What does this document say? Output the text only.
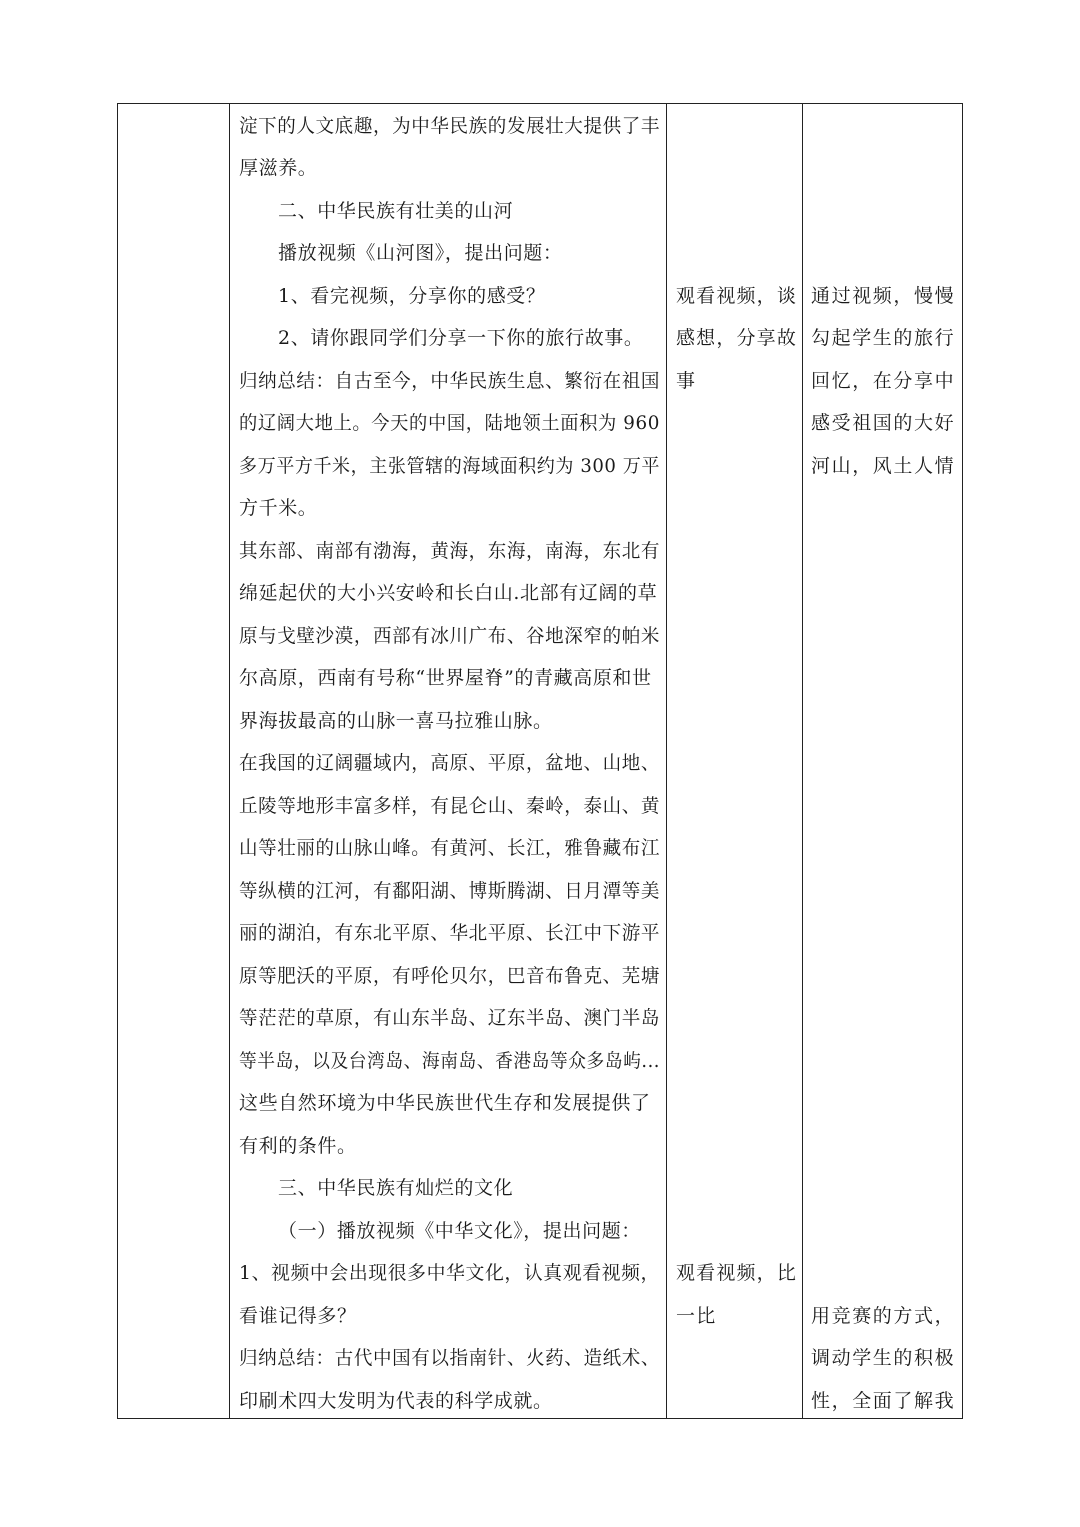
淀下的人文底趣，为中华民族的发展壮大提供了丰
厚滋养。
二、中华民族有壮美的山河
播放视频《山河图》，提出问题：
1、看完视频，分享你的感受？
2、请你跟同学们分享一下你的旅行故事。
归纳总结：自古至今，中华民族生息、繁衍在祖国
的辽阔大地上。今天的中国，陆地领土面积为 960
多万平方千米，主张管辖的海域面积约为 300 万平
方千米。
其东部、南部有渤海，黄海，东海，南海，东北有
绵延起伏的大小兴安岭和长白山.北部有辽阔的草
原与戈壁沙漠，西部有冰川广布、谷地深窄的帕米
尔高原，西南有号称“世界屋脊”的青藏高原和世
界海拔最高的山脉一喜马拉雅山脉。
在我国的辽阔疆域内，高原、平原，盆地、山地、
丘陵等地形丰富多样，有昆仑山、秦岭，泰山、黄
山等壮丽的山脉山峰。有黄河、长江，雅鲁藏布江
等纵横的江河，有鄱阳湖、博斯腾湖、日月潭等美
丽的湖泊，有东北平原、华北平原、长江中下游平
原等肥沃的平原，有呼伦贝尔，巴音布鲁克、芜塘
等茫茫的草原，有山东半岛、辽东半岛、澳门半岛
等半岛，以及台湾岛、海南岛、香港岛等众多岛屿...
这些自然环境为中华民族世代生存和发展提供了
有利的条件。
三、中华民族有灿烂的文化
（一）播放视频《中华文化》，提出问题：
1、视频中会出现很多中华文化，认真观看视频，
看谁记得多？
归纳总结：古代中国有以指南针、火药、造纸术、
印刷术四大发明为代表的科学成就。
观看视频，谈
感想，分享故
事
观看视频，比
一比
通过视频，慢慢
勾起学生的旅行
回忆，在分享中
感受祖国的大好
河山，风土人情
用竞赛的方式，
调动学生的积极
性，全面了解我
